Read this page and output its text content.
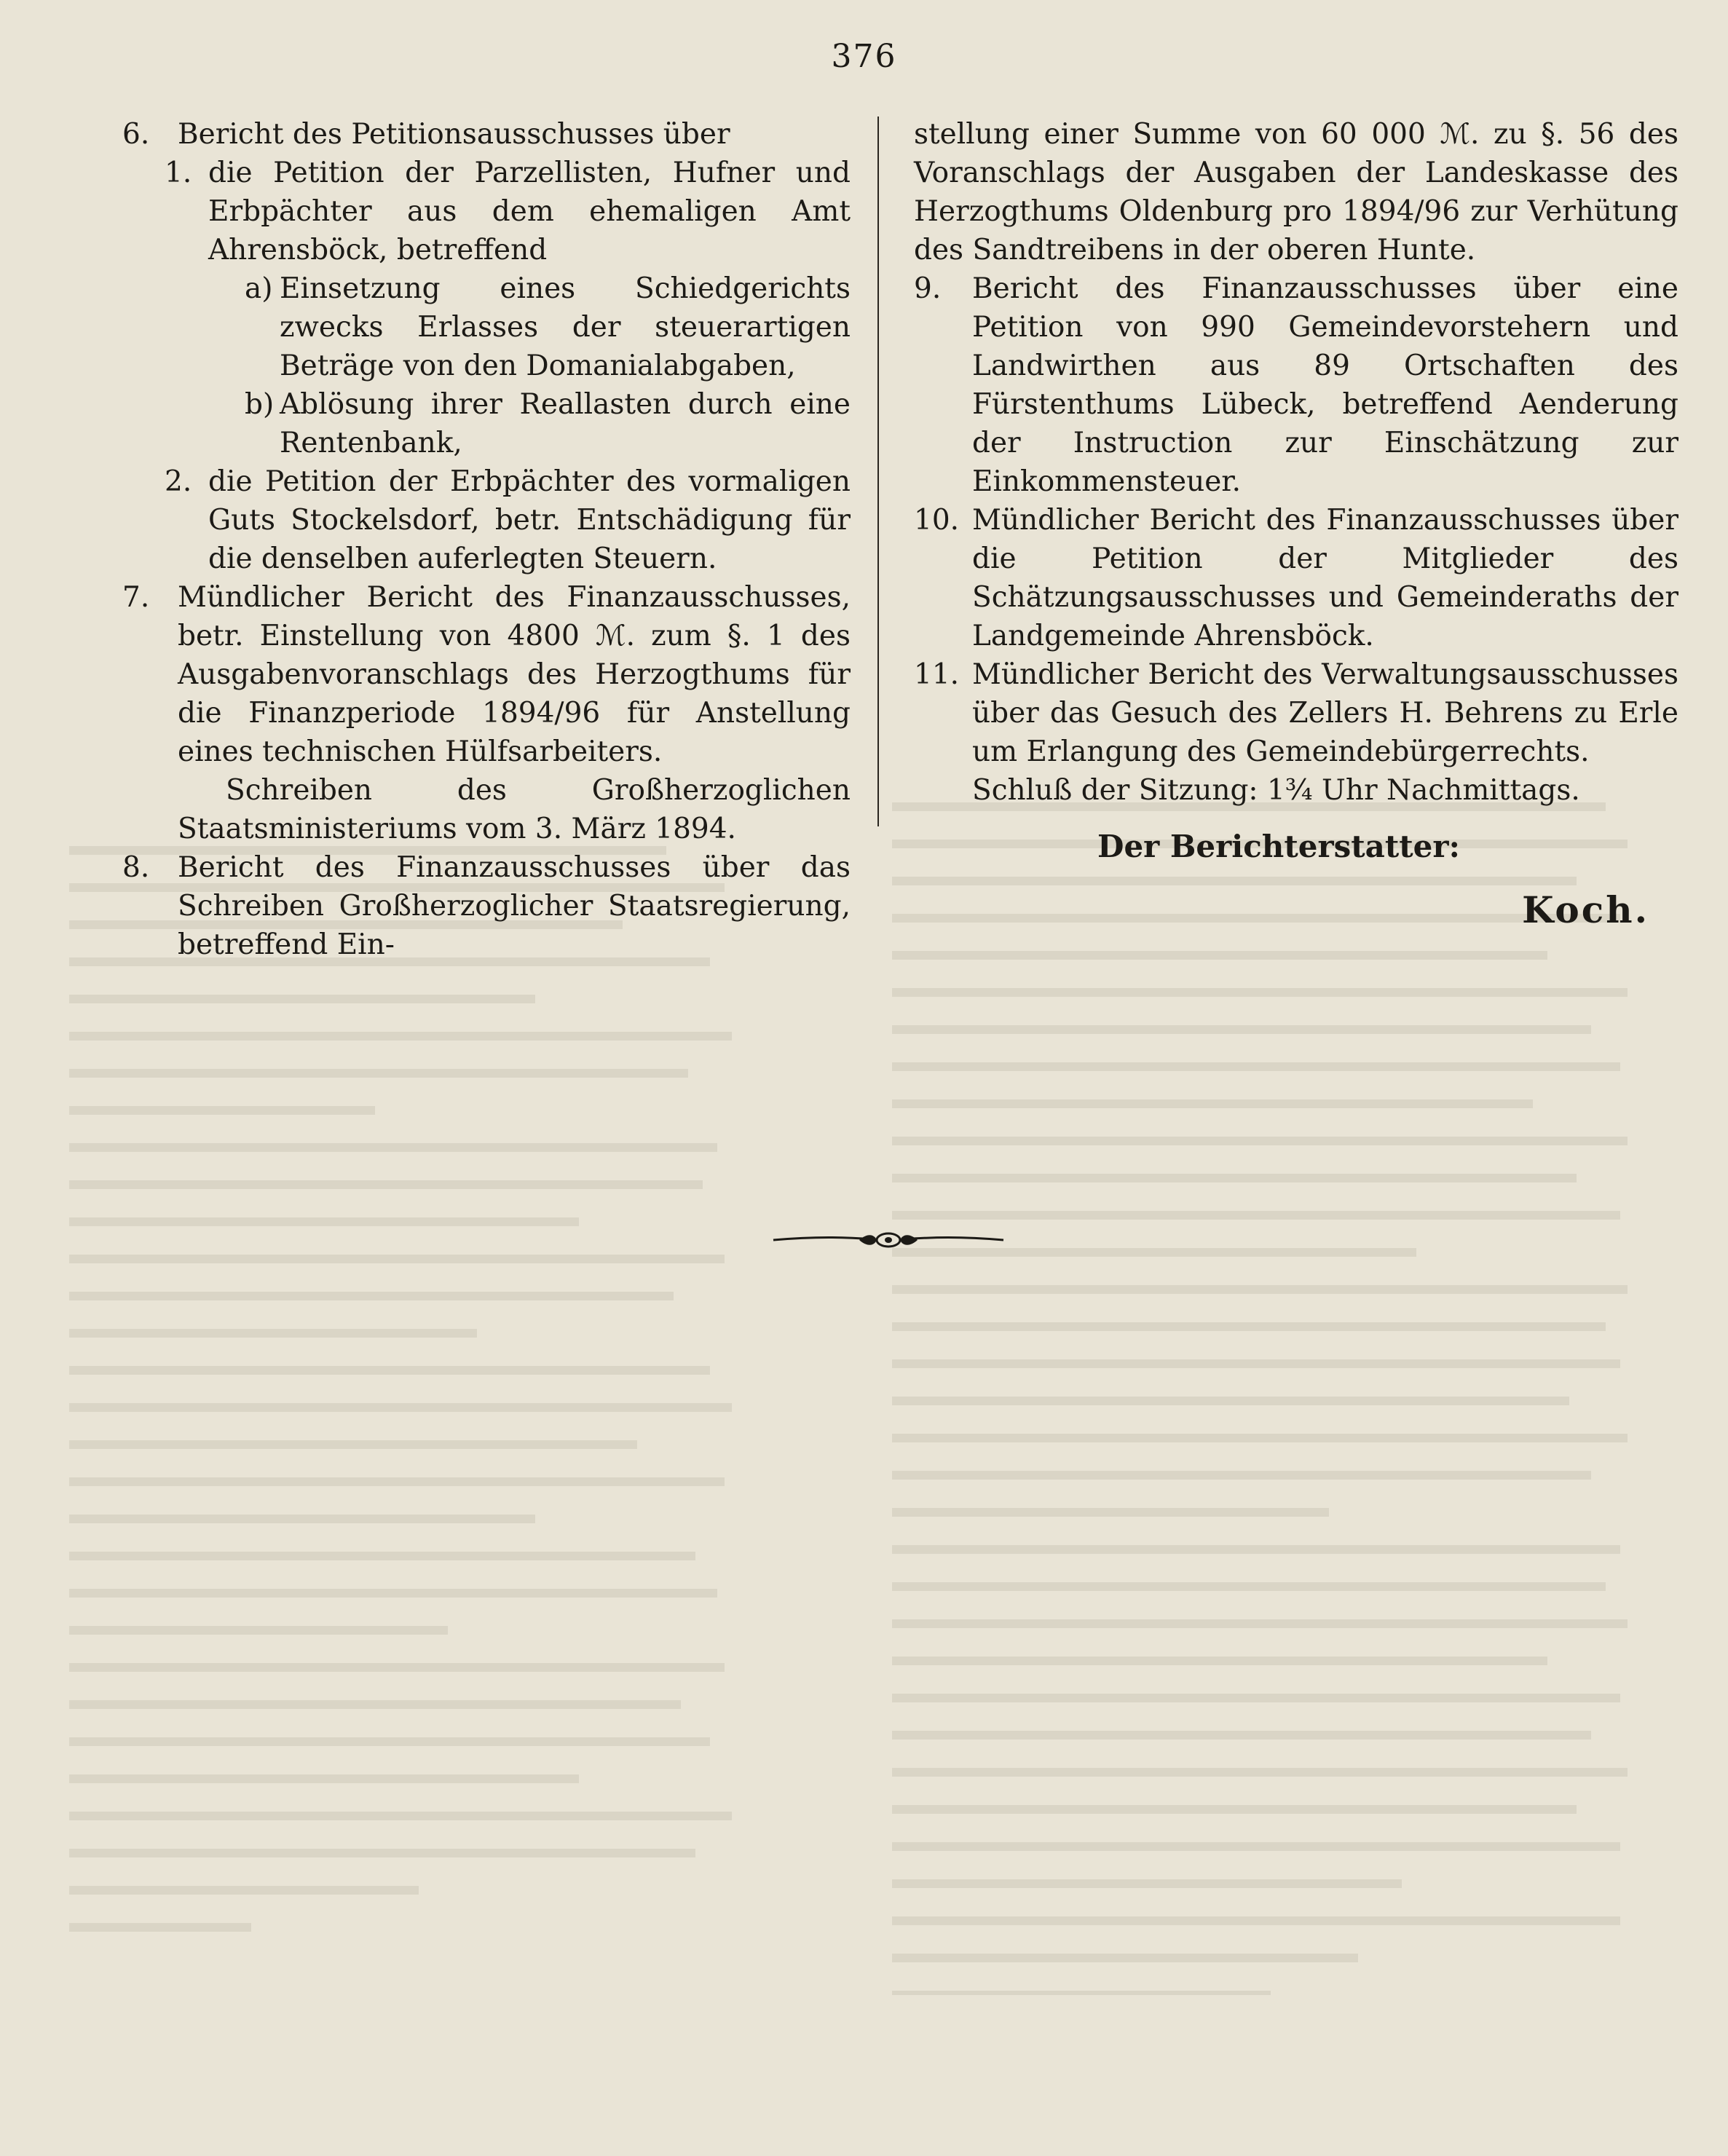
376
6. Bericht des Petitionsausschusses über
1. die Petition der Parzellisten, Hufner und Erbpächter aus dem ehemaligen Amt Ahrensböck, betreffend
a) Einsetzung eines Schiedgerichts zwecks Erlasses der steuerartigen Beträge von den Domanialabgaben,
b) Ablösung ihrer Reallasten durch eine Rentenbank,
2. die Petition der Erbpächter des vormaligen Guts Stockelsdorf, betr. Entschädigung für die denselben auferlegten Steuern.
7. Mündlicher Bericht des Finanzausschusses, betr. Einstellung von 4800 ℳ. zum §. 1 des Ausgabenvoranschlags des Herzogthums für die Finanzperiode 1894/96 für Anstellung eines technischen Hülfsarbeiters.
Schreiben des Großherzoglichen Staatsministeriums vom 3. März 1894.
8. Bericht des Finanzausschusses über das Schreiben Großherzoglicher Staatsregierung, betreffend Ein-
stellung einer Summe von 60 000 ℳ. zu §. 56 des Voranschlags der Ausgaben der Landeskasse des Herzogthums Oldenburg pro 1894/96 zur Verhütung des Sandtreibens in der oberen Hunte.
9. Bericht des Finanzausschusses über eine Petition von 990 Gemeindevorstehern und Landwirthen aus 89 Ortschaften des Fürstenthums Lübeck, betreffend Aenderung der Instruction zur Einschätzung zur Einkommensteuer.
10. Mündlicher Bericht des Finanzausschusses über die Petition der Mitglieder des Schätzungsausschusses und Gemeinderaths der Landgemeinde Ahrensböck.
11. Mündlicher Bericht des Verwaltungsausschusses über das Gesuch des Zellers H. Behrens zu Erle um Erlangung des Gemeindebürgerrechts.
Schluß der Sitzung: 1¾ Uhr Nachmittags.
Der Berichterstatter:
Koch.
